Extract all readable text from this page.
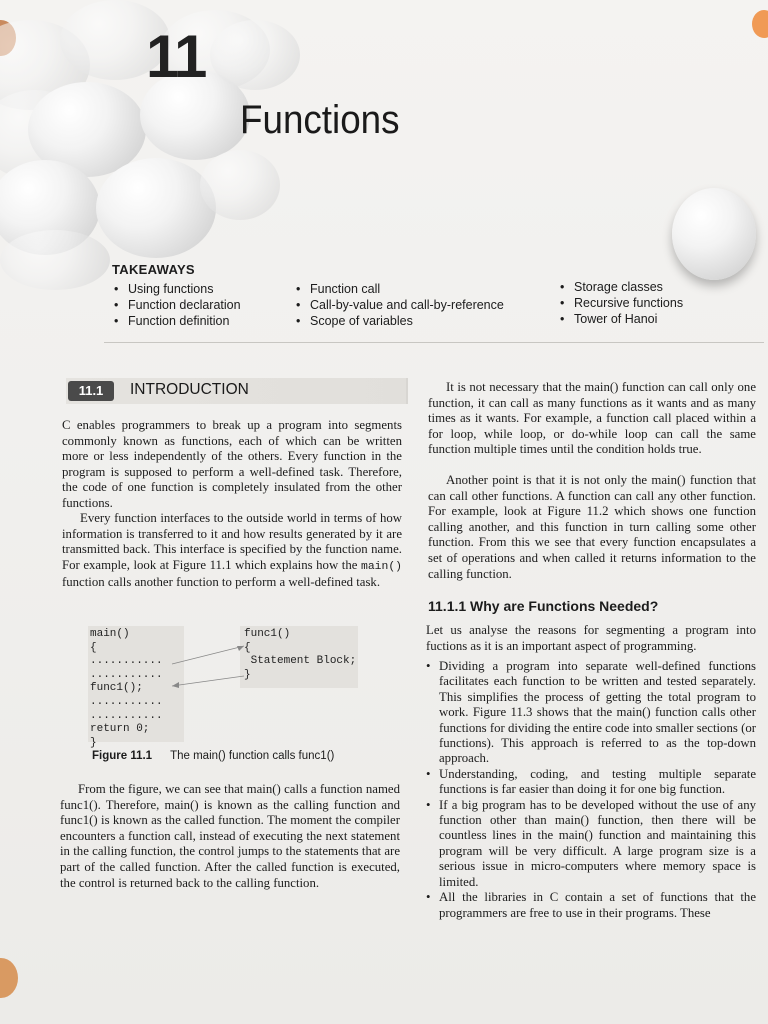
11
Functions
TAKEAWAYS
• Using functions
• Function declaration
• Function definition
• Function call
• Call-by-value and call-by-reference
• Scope of variables
• Storage classes
• Recursive functions
• Tower of Hanoi
11.1	INTRODUCTION

C enables programmers to break up a program into segments commonly known as functions, each of which can be written more or less independently of the others. Every function in the program is supposed to perform a well-defined task. Therefore, the code of one function is completely insulated from the other functions.

Every function interfaces to the outside world in terms of how information is transferred to it and how results generated by it are transmitted back. This interface is specified by the function name. For example, look at Figure 11.1 which explains how the main() function calls another function to perform a well-defined task.

main()
{
...........
...........
func1();
...........
...........
return 0;
}
func1()
{
Statement Block;
}
Figure 11.1 The main() function calls func1()

From the figure, we can see that main() calls a function named func1(). Therefore, main() is known as the calling function and func1() is known as the called function. The moment the compiler encounters a function call, instead of executing the next statement in the calling function, the control jumps to the statements that are part of the called function. After the called function is executed, the control is returned back to the calling function.

It is not necessary that the main() function can call only one function, it can call as many functions as it wants and as many times as it wants. For example, a function call placed within a for loop, while loop, or do-while loop can call the same function multiple times until the condition holds true.

Another point is that it is not only the main() function that can call other functions. A function can call any other function. For example, look at Figure 11.2 which shows one function calling another, and this function in turn calling some other function. From this we see that every function encapsulates a set of operations and when called it returns information to the calling function.

11.1.1 Why are Functions Needed?

Let us analyse the reasons for segmenting a program into fuctions as it is an important aspect of programming.

• Dividing a program into separate well-defined functions facilitates each function to be written and tested separately. This simplifies the process of getting the total program to work. Figure 11.3 shows that the main() function calls other functions for dividing the entire code into smaller sections (or functions). This approach is referred to as the top-down approach.
• Understanding, coding, and testing multiple separate functions is far easier than doing it for one big function.
• If a big program has to be developed without the use of any function other than main() function, then there will be countless lines in the main() function and maintaining this program will be very difficult. A large program size is a serious issue in micro-computers where memory space is limited.
• All the libraries in C contain a set of functions that the programmers are free to use in their programs. These
